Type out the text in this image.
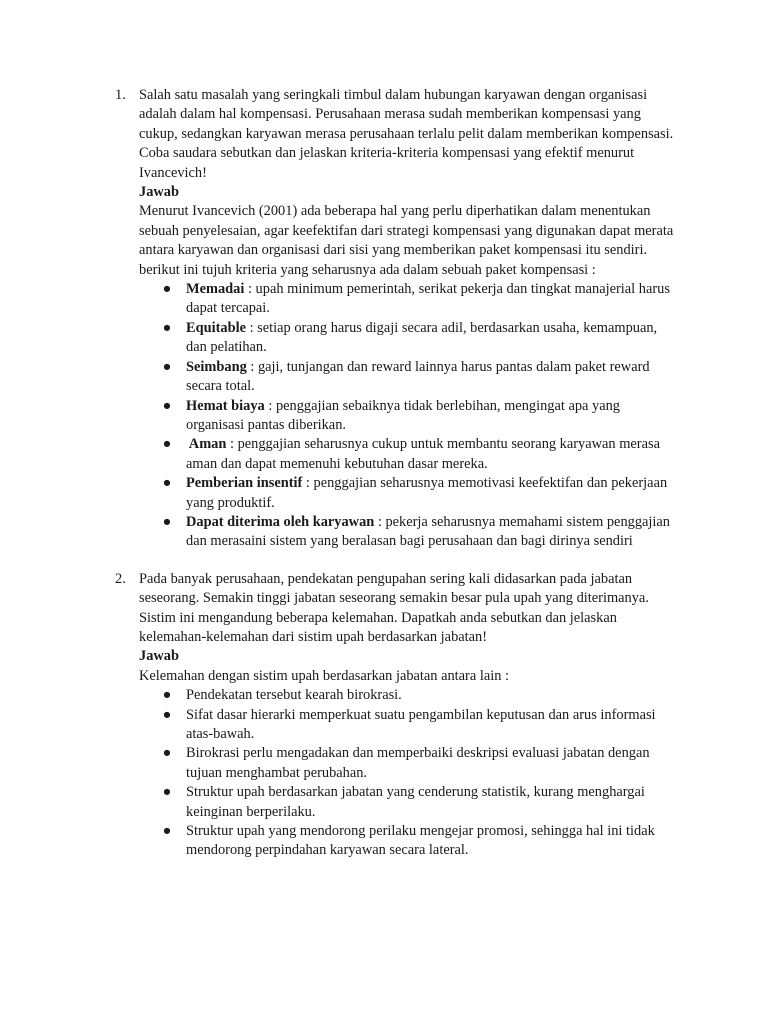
1. Salah satu masalah yang seringkali timbul dalam hubungan karyawan dengan organisasi adalah dalam hal kompensasi. Perusahaan merasa sudah memberikan kompensasi yang cukup, sedangkan karyawan merasa perusahaan terlalu pelit dalam memberikan kompensasi. Coba saudara sebutkan dan jelaskan kriteria-kriteria kompensasi yang efektif menurut Ivancevich!
Jawab
Menurut Ivancevich (2001) ada beberapa hal yang perlu diperhatikan dalam menentukan sebuah penyelesaian, agar keefektifan dari strategi kompensasi yang digunakan dapat merata antara karyawan dan organisasi dari sisi yang memberikan paket kompensasi itu sendiri. berikut ini tujuh kriteria yang seharusnya ada dalam sebuah paket kompensasi :
● Memadai : upah minimum pemerintah, serikat pekerja dan tingkat manajerial harus dapat tercapai.
● Equitable : setiap orang harus digaji secara adil, berdasarkan usaha, kemampuan, dan pelatihan.
● Seimbang : gaji, tunjangan dan reward lainnya harus pantas dalam paket reward secara total.
● Hemat biaya : penggajian sebaiknya tidak berlebihan, mengingat apa yang organisasi pantas diberikan.
● Aman : penggajian seharusnya cukup untuk membantu seorang karyawan merasa aman dan dapat memenuhi kebutuhan dasar mereka.
● Pemberian insentif : penggajian seharusnya memotivasi keefektifan dan pekerjaan yang produktif.
● Dapat diterima oleh karyawan : pekerja seharusnya memahami sistem penggajian dan merasaini sistem yang beralasan bagi perusahaan dan bagi dirinya sendiri
2. Pada banyak perusahaan, pendekatan pengupahan sering kali didasarkan pada jabatan seseorang. Semakin tinggi jabatan seseorang semakin besar pula upah yang diterimanya. Sistim ini mengandung beberapa kelemahan. Dapatkah anda sebutkan dan jelaskan kelemahan-kelemahan dari sistim upah berdasarkan jabatan!
Jawab
Kelemahan dengan sistim upah berdasarkan jabatan antara lain :
● Pendekatan tersebut kearah birokrasi.
● Sifat dasar hierarki memperkuat suatu pengambilan keputusan dan arus informasi atas-bawah.
● Birokrasi perlu mengadakan dan memperbaiki deskripsi evaluasi jabatan dengan tujuan menghambat perubahan.
● Struktur upah berdasarkan jabatan yang cenderung statistik, kurang menghargai keinginan berperilaku.
● Struktur upah yang mendorong perilaku mengejar promosi, sehingga hal ini tidak mendorong perpindahan karyawan secara lateral.
